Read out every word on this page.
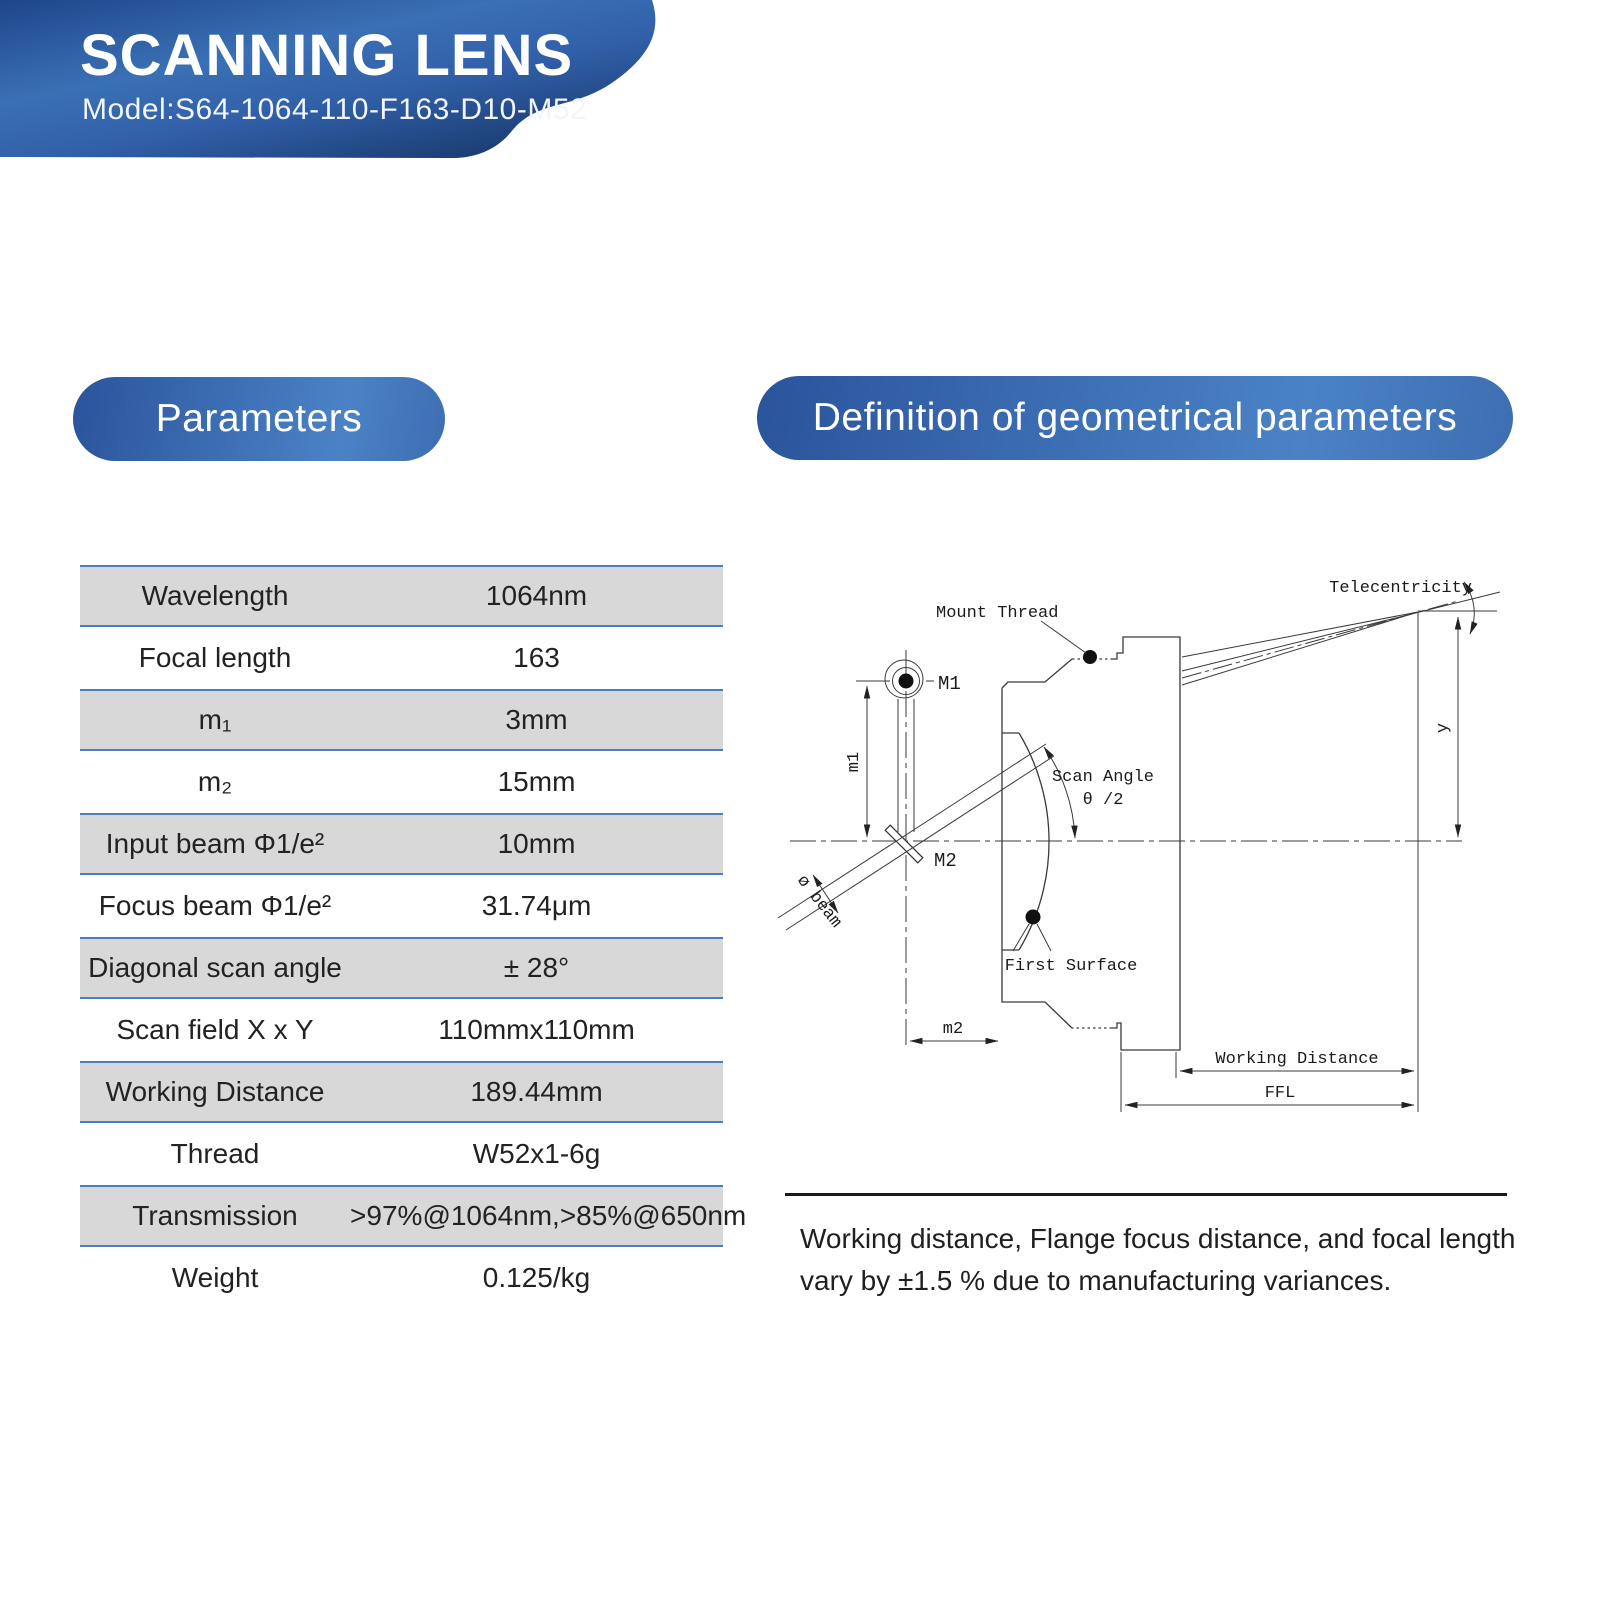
SCANNING LENS
Model:S64-1064-110-F163-D10-M52
Parameters	Definition of geometrical parameters
Wavelength	1064nm
Focal length	163
m₁	3mm
m₂	15mm
Input beam Φ1/e²	10mm
Focus beam Φ1/e²	31.74μm
Diagonal scan angle	± 28°
Scan field X x Y	110mmx110mm
Working Distance	189.44mm
Thread	W52x1-6g
Transmission	>97%@1064nm,>85%@650nm
Weight	0.125/kg
M1
m1
M2
ø beam
Scan Angle
θ /2
Mount Thread
First Surface
Telecentricity
y
m2
Working Distance
FFL
Working distance, Flange focus distance, and focal length vary by ±1.5 % due to manufacturing variances.
